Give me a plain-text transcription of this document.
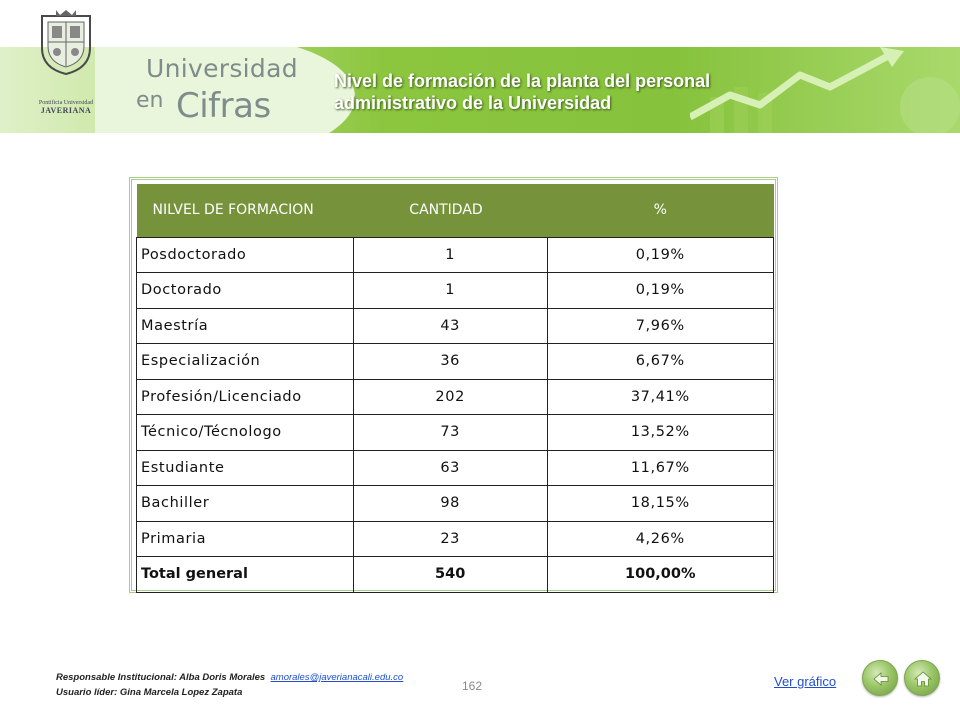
Pontificia Universidad
JAVERIANA
Universidad
en Cifras
Nivel de formación de la planta del personal
administrativo de la Universidad
NILVEL DE FORMACION	CANTIDAD	%
Posdoctorado	1	0,19%
Doctorado	1	0,19%
Maestría	43	7,96%
Especialización	36	6,67%
Profesión/Licenciado	202	37,41%
Técnico/Técnologo	73	13,52%
Estudiante	63	11,67%
Bachiller	98	18,15%
Primaria	23	4,26%
Total general	540	100,00%
Responsable Institucional: Alba Doris Morales amorales@javerianacali.edu.co
Usuario líder: Gina Marcela Lopez Zapata	162	Ver gráfico
